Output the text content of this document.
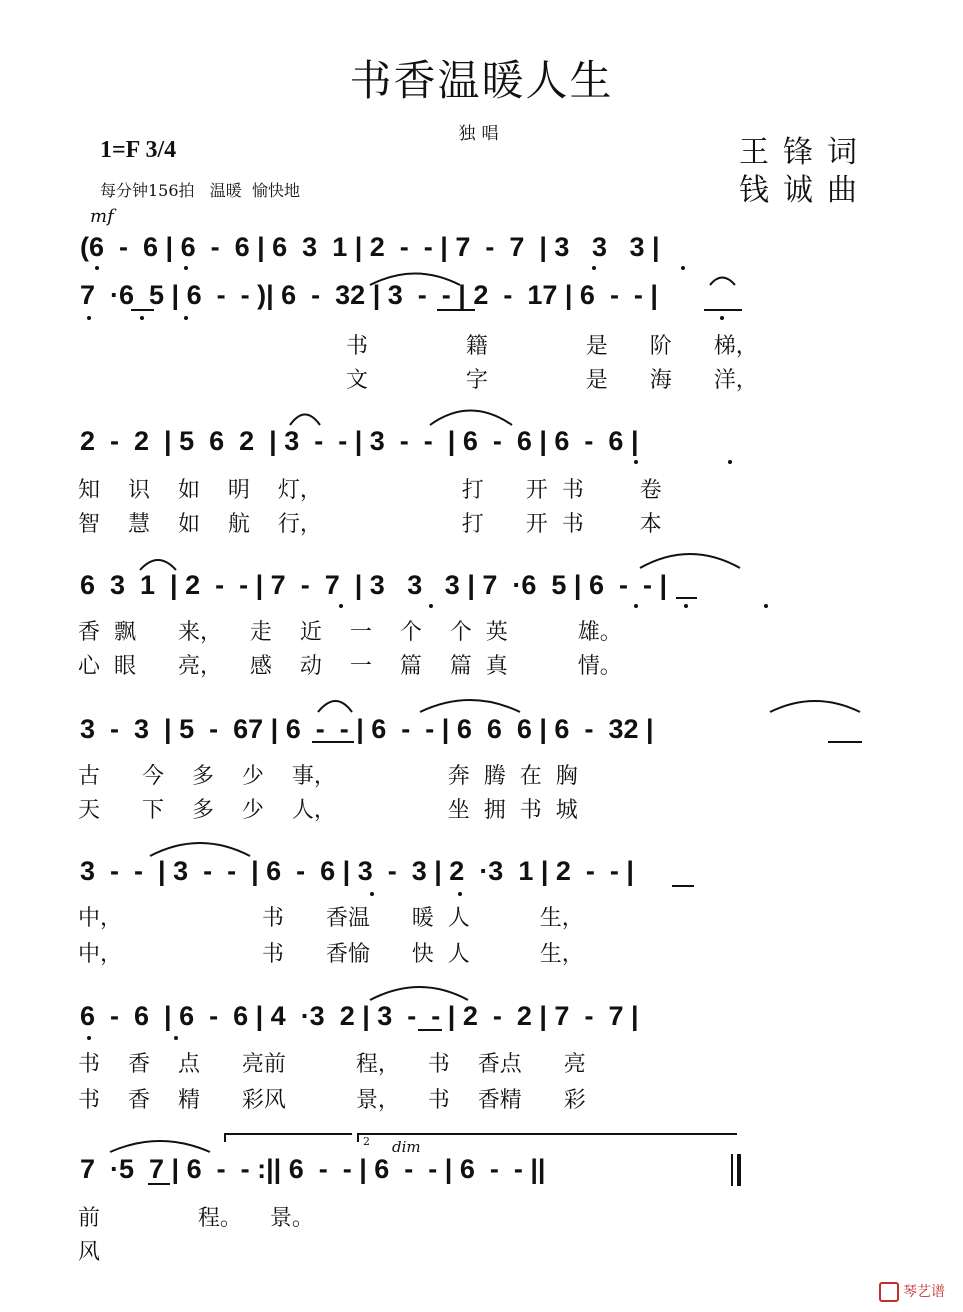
书香温暖人生
独唱
1=F 3/4
每分钟156拍   温暖  愉快地
王锋词
钱诚曲
mf
dim
2
(6  -  6 | 6  -  6 | 6  3  1 | 2  -  - | 7  -  7  | 3   3   3 |
7  ·6  5 | 6  -  - )| 6  -  32 | 3  -  - | 2  -  17 | 6  -  - |
书              籍              是      阶      梯，
文              字              是      海      洋，
2  -  2  | 5  6  2  | 3  -  - | 3  -  -  | 6  -  6 | 6  -  6 |
知    识    如    明    灯，                    打      开  书        卷
智    慧    如    航    行，                    打      开  书        本
6  3  1  | 2  -  - | 7  -  7  | 3   3   3 | 7  ·6  5 | 6  -  - |
香  飘      来，    走    近    一    个    个  英          雄。
心  眼      亮，    感    动    一    篇    篇  真          情。
3  -  3  | 5  -  67 | 6  -  - | 6  -  - | 6  6  6 | 6  -  32 |
古      今    多    少    事，                奔  腾  在  胸
天      下    多    少    人，                坐  拥  书  城
3  -  -  | 3  -  -  | 6  -  6 | 3  -  3 | 2  ·3  1 | 2  -  - |
中，                    书      香温      暖  人          生，
中，                    书      香愉      快  人          生，
6  -  6  | 6  -  6 | 4  ·3  2 | 3  -  - | 2  -  2 | 7  -  7 |
书    香    点      亮前          程，    书    香点      亮
书    香    精      彩风          景，    书    香精      彩
7  ·5  7 | 6  -  - :|| 6  -  - | 6  -  - | 6  -  - ||
前              程。    景。
风
琴艺谱
